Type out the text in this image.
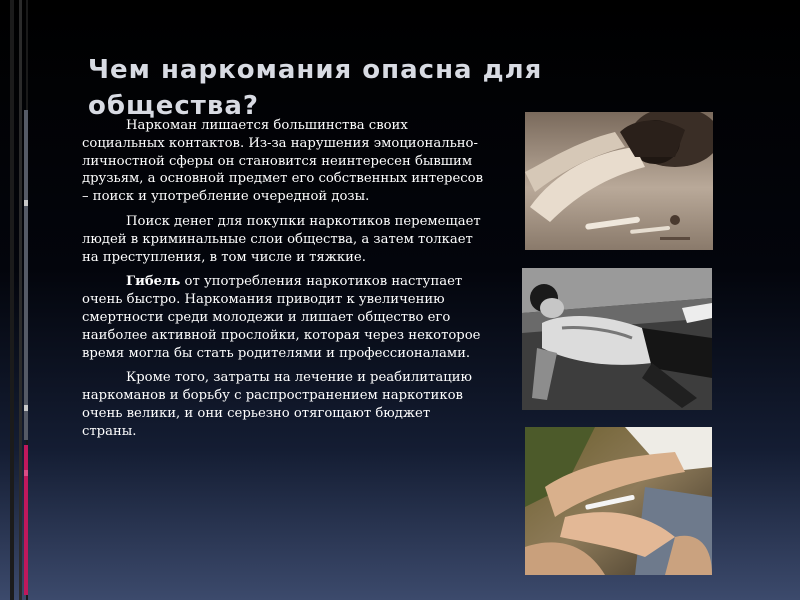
Чем наркомания опасна для общества?

Наркоман лишается большинства своих социальных контактов. Из-за нарушения эмоционально-личностной сферы он становится неинтересен бывшим друзьям, а основной предмет его собственных интересов – поиск и употребление очередной дозы.

Поиск денег для покупки наркотиков перемещает людей в криминальные слои общества, а затем толкает на преступления, в том числе и тяжкие.

Гибель от употребления наркотиков наступает очень быстро. Наркомания приводит к увеличению смертности среди молодежи и лишает общество его наиболее активной прослойки, которая через некоторое время могла бы стать родителями и профессионалами.

Кроме того, затраты на лечение и реабилитацию наркоманов и борьбу с распространением наркотиков очень велики, и они серьезно отягощают бюджет страны.
